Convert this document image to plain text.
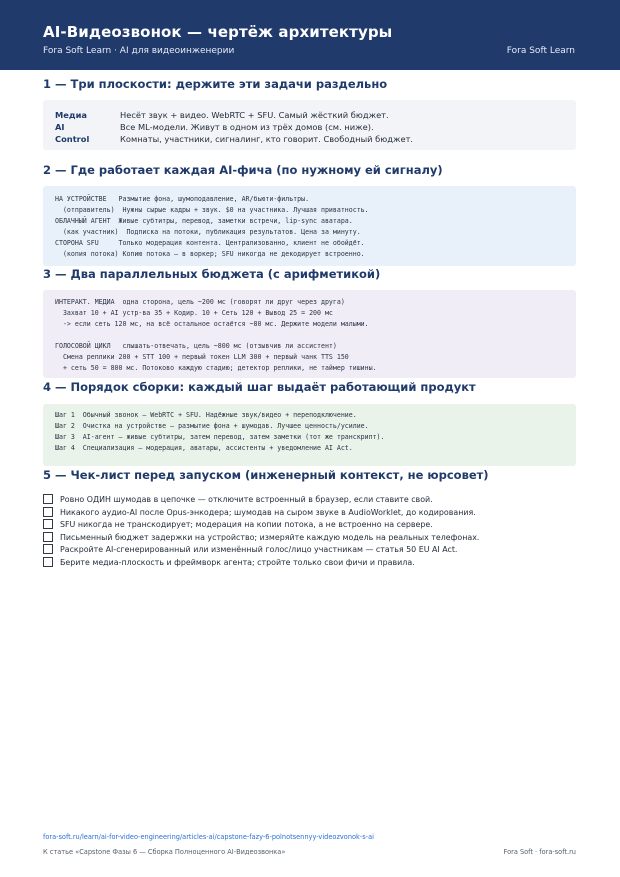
AI-Видеозвонок — чертёж архитектуры
Fora Soft Learn · AI для видеоинженерии	Fora Soft Learn
1 — Три плоскости: держите эти задачи раздельно
Медиа	Несёт звук + видео. WebRTC + SFU. Самый жёсткий бюджет.
AI	Все ML-модели. Живут в одном из трёх домов (см. ниже).
Control	Комнаты, участники, сигналинг, кто говорит. Свободный бюджет.
2 — Где работает каждая AI-фича (по нужному ей сигналу)
НА УСТРОЙСТВЕ   Размытие фона, шумоподавление, AR/бьюти-фильтры.
(отправитель)  Нужны сырые кадры + звук. $0 на участника. Лучшая приватность.
ОБЛАЧНЫЙ АГЕНТ  Живые субтитры, перевод, заметки встречи, lip-sync аватара.
(как участник)  Подписка на потоки, публикация результатов. Цена за минуту.
СТОРОНА SFU     Только модерация контента. Централизованно, клиент не обойдёт.
(копия потока) Копию потока — в воркер; SFU никогда не декодирует встроенно.
3 — Два параллельных бюджета (с арифметикой)
ИНТЕРАКТ. МЕДИА  одна сторона, цель ~200 мс (говорят ли друг через друга)
Захват 10 + AI устр-ва 35 + Кодир. 10 + Сеть 120 + Вывод 25 = 200 мс
-> если сеть 120 мс, на всё остальное остаётся ~80 мс. Держите модели малыми.
ГОЛОСОВОЙ ЦИКЛ   слышать-отвечать, цель ~800 мс (отзывчив ли ассистент)
Смена реплики 200 + STT 100 + первый токен LLM 300 + первый чанк TTS 150
+ сеть 50 = 800 мс. Потоково каждую стадию; детектор реплики, не таймер тишины.
4 — Порядок сборки: каждый шаг выдаёт работающий продукт
Шаг 1  Обычный звонок — WebRTC + SFU. Надёжные звук/видео + переподключение.
Шаг 2  Очистка на устройстве — размытие фона + шумодав. Лучшее ценность/усилие.
Шаг 3  AI-агент — живые субтитры, затем перевод, затем заметки (тот же транскрипт).
Шаг 4  Специализация — модерация, аватары, ассистенты + уведомление AI Act.
5 — Чек-лист перед запуском (инженерный контекст, не юрсовет)
Ровно ОДИН шумодав в цепочке — отключите встроенный в браузер, если ставите свой.
Никакого аудио-AI после Opus-энкодера; шумодав на сыром звуке в AudioWorklet, до кодирования.
SFU никогда не транскодирует; модерация на копии потока, а не встроенно на сервере.
Письменный бюджет задержки на устройство; измеряйте каждую модель на реальных телефонах.
Раскройте AI-сгенерированный или изменённый голос/лицо участникам — статья 50 EU AI Act.
Берите медиа-плоскость и фреймворк агента; стройте только свои фичи и правила.
fora-soft.ru/learn/ai-for-video-engineering/articles-ai/capstone-fazy-6-polnotsennyy-videozvonok-s-ai
К статье «Capstone Фазы 6 — Сборка Полноценного AI-Видеозвонка»	Fora Soft · fora-soft.ru
